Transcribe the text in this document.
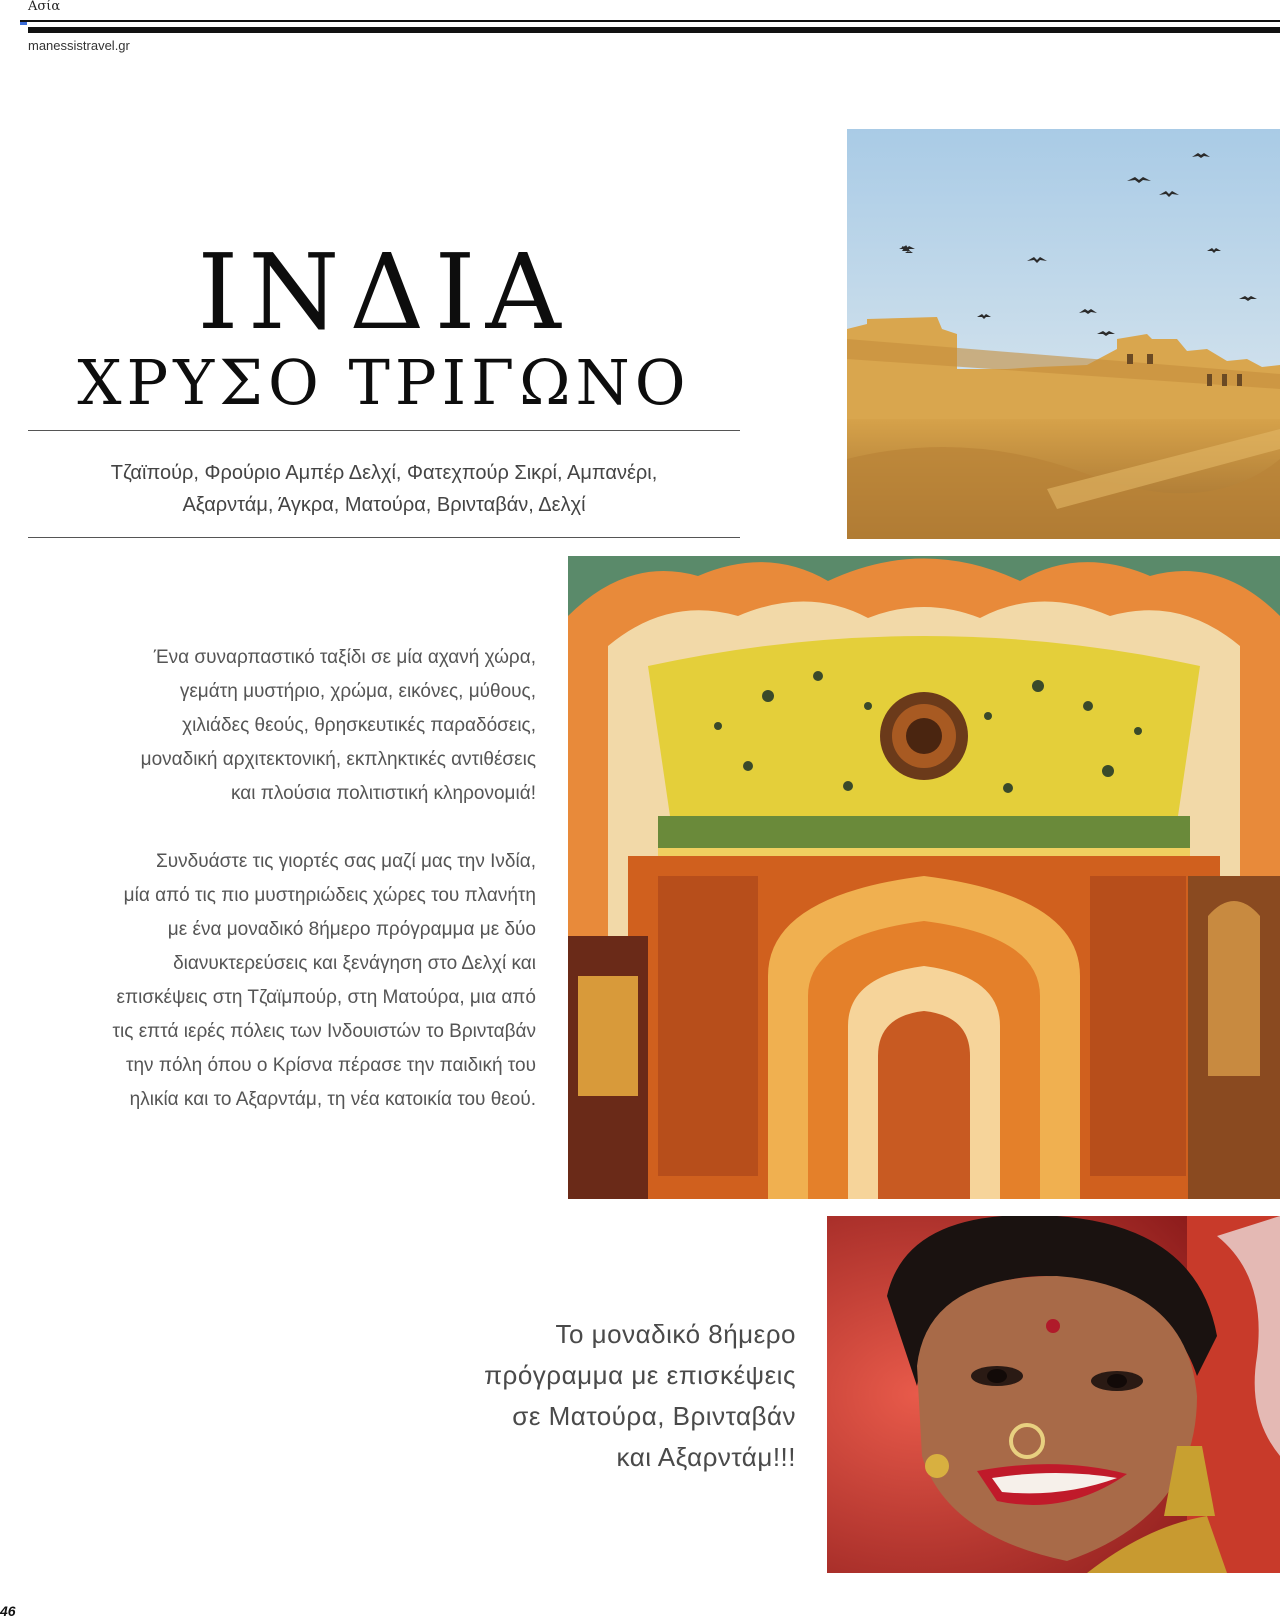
Ασία
manessistravel.gr
ΙΝΔΙΑ
ΧΡΥΣΟ ΤΡΙΓΩΝΟ
Τζαϊπούρ, Φρούριο Αμπέρ Δελχί, Φατεχπούρ Σικρί, Αμπανέρι,
Αξαρντάμ, Άγκρα, Ματούρα, Βρινταβάν, Δελχί
Ένα συναρπαστικό ταξίδι σε μία αχανή χώρα,
γεμάτη μυστήριο, χρώμα, εικόνες, μύθους,
χιλιάδες θεούς, θρησκευτικές παραδόσεις,
μοναδική αρχιτεκτονική, εκπληκτικές αντιθέσεις
και πλούσια πολιτιστική κληρονομιά!
Συνδυάστε τις γιορτές σας μαζί μας την Ινδία,
μία από τις πιο μυστηριώδεις χώρες του πλανήτη
με ένα μοναδικό 8ήμερο πρόγραμμα με δύο
διανυκτερεύσεις και ξενάγηση στο Δελχί και
επισκέψεις στη Τζαϊμπούρ, στη Ματούρα, μια από
τις επτά ιερές πόλεις των Ινδουιστών το Βρινταβάν
την πόλη όπου ο Κρίσνα πέρασε την παιδική του
ηλικία και το Αξαρντάμ, τη νέα κατοικία του θεού.
Το μοναδικό 8ήμερο
πρόγραμμα με επισκέψεις
σε Ματούρα, Βρινταβάν
και Αξαρντάμ!!!
46
